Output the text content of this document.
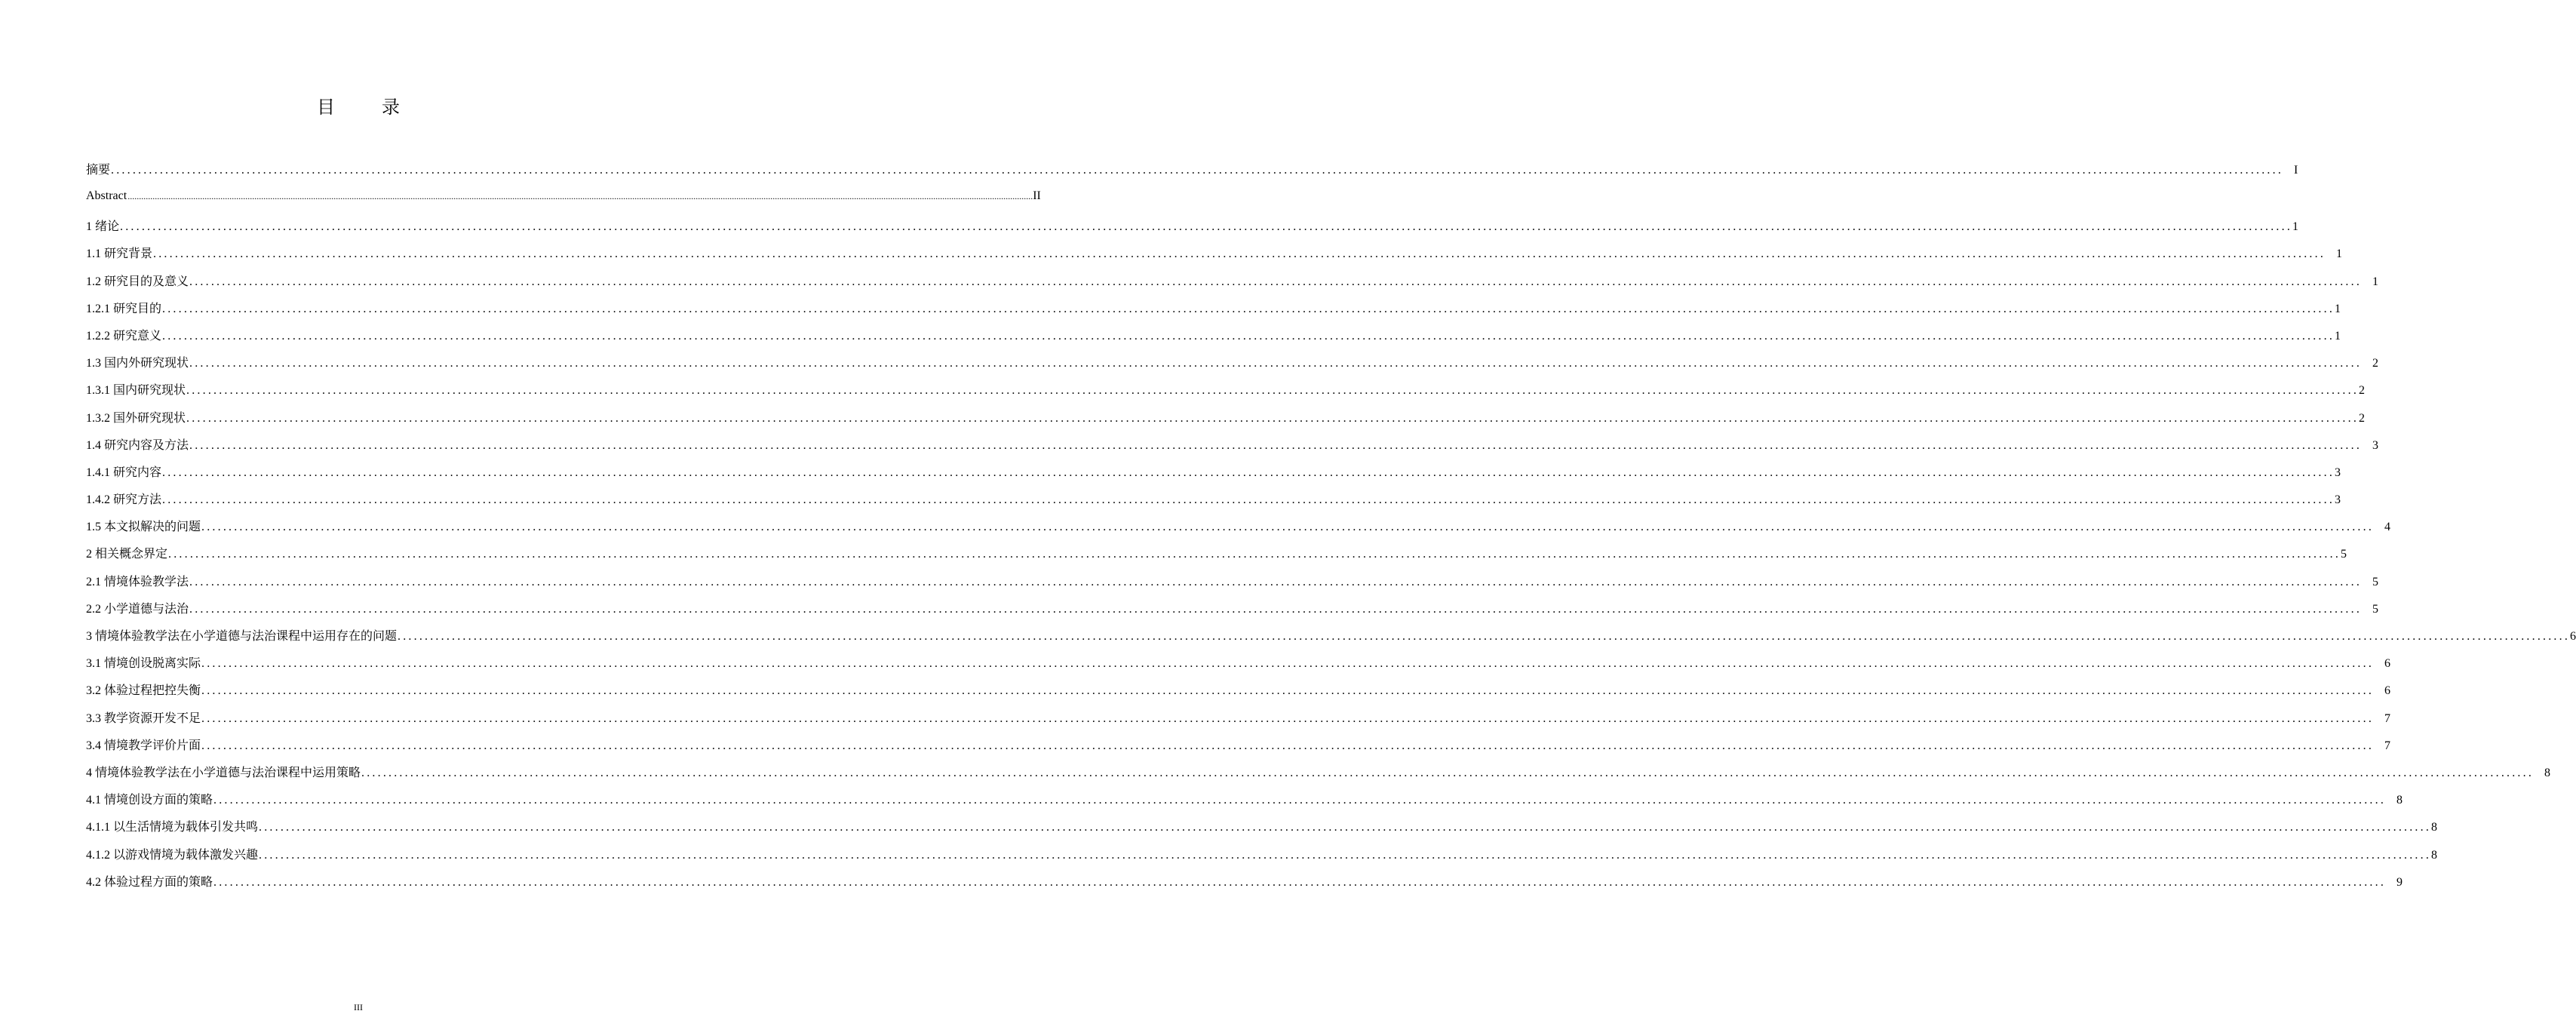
目 录
摘要 ................................................................................................................................................................................................................................................................................................................................................................................................................ I
Abstract ................................................................................................................................................................................................................................................................................................................................................................................................................ II
1 绪论 ................................................................................................................................................................................................................................................................................................................................................................................................................ 1
1.1 研究背景 ................................................................................................................................................................................................................................................................................................................................................................................................................ 1
1.2 研究目的及意义 ................................................................................................................................................................................................................................................................................................................................................................................................................ 1
1.2.1 研究目的 ................................................................................................................................................................................................................................................................................................................................................................................................................ 1
1.2.2 研究意义 ................................................................................................................................................................................................................................................................................................................................................................................................................ 1
1.3 国内外研究现状 ................................................................................................................................................................................................................................................................................................................................................................................................................ 2
1.3.1 国内研究现状 ................................................................................................................................................................................................................................................................................................................................................................................................................ 2
1.3.2 国外研究现状 ................................................................................................................................................................................................................................................................................................................................................................................................................ 2
1.4 研究内容及方法 ................................................................................................................................................................................................................................................................................................................................................................................................................ 3
1.4.1 研究内容 ................................................................................................................................................................................................................................................................................................................................................................................................................ 3
1.4.2 研究方法 ................................................................................................................................................................................................................................................................................................................................................................................................................ 3
1.5 本文拟解决的问题 ................................................................................................................................................................................................................................................................................................................................................................................................................ 4
2 相关概念界定 ................................................................................................................................................................................................................................................................................................................................................................................................................ 5
2.1 情境体验教学法 ................................................................................................................................................................................................................................................................................................................................................................................................................ 5
2.2 小学道德与法治 ................................................................................................................................................................................................................................................................................................................................................................................................................ 5
3 情境体验教学法在小学道德与法治课程中运用存在的问题 ................................................................................................................................................................................................................................................................................................................................................................................................................ 6
3.1 情境创设脱离实际 ................................................................................................................................................................................................................................................................................................................................................................................................................ 6
3.2 体验过程把控失衡 ................................................................................................................................................................................................................................................................................................................................................................................................................ 6
3.3 教学资源开发不足 ................................................................................................................................................................................................................................................................................................................................................................................................................ 7
3.4 情境教学评价片面 ................................................................................................................................................................................................................................................................................................................................................................................................................ 7
4 情境体验教学法在小学道德与法治课程中运用策略 ................................................................................................................................................................................................................................................................................................................................................................................................................ 8
4.1 情境创设方面的策略 ................................................................................................................................................................................................................................................................................................................................................................................................................ 8
4.1.1 以生活情境为载体引发共鸣 ................................................................................................................................................................................................................................................................................................................................................................................................................ 8
4.1.2 以游戏情境为载体激发兴趣 ................................................................................................................................................................................................................................................................................................................................................................................................................ 8
4.2 体验过程方面的策略 ................................................................................................................................................................................................................................................................................................................................................................................................................ 9
III
